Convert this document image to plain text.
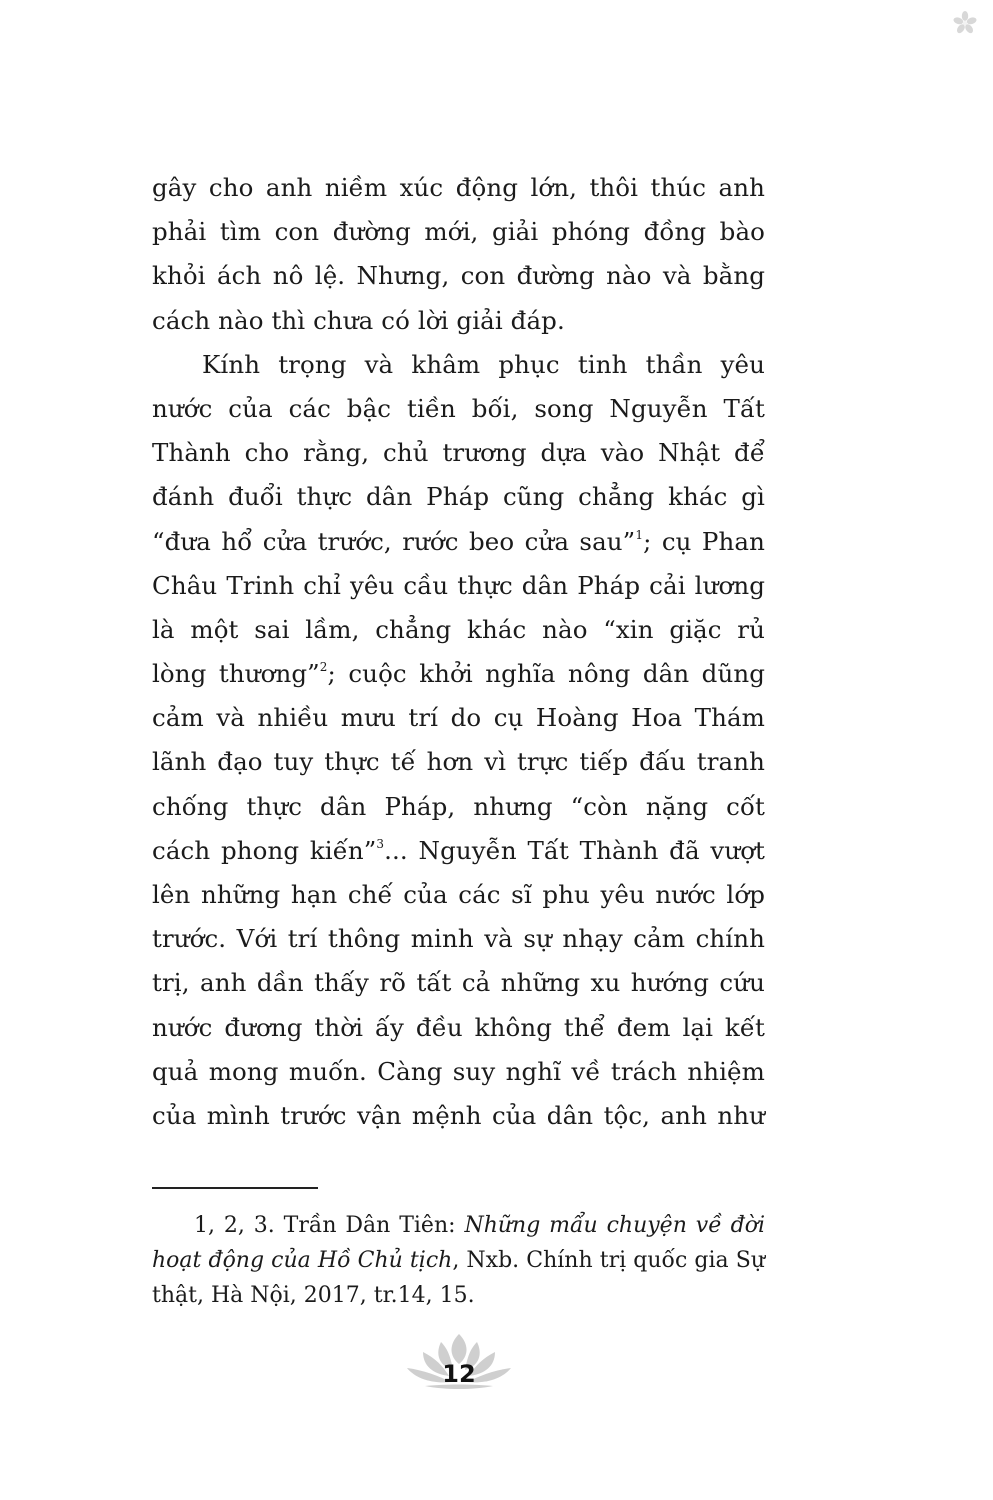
gây cho anh niềm xúc động lớn, thôi thúc anh
phải tìm con đường mới, giải phóng đồng bào
khỏi ách nô lệ. Nhưng, con đường nào và bằng
cách nào thì chưa có lời giải đáp.
Kính trọng và khâm phục tinh thần yêu
nước của các bậc tiền bối, song Nguyễn Tất
Thành cho rằng, chủ trương dựa vào Nhật để
đánh đuổi thực dân Pháp cũng chẳng khác gì
“đưa hổ cửa trước, rước beo cửa sau”$^1$; cụ Phan
Châu Trinh chỉ yêu cầu thực dân Pháp cải lương
là một sai lầm, chẳng khác nào “xin giặc rủ
lòng thương”$^2$; cuộc khởi nghĩa nông dân dũng
cảm và nhiều mưu trí do cụ Hoàng Hoa Thám
lãnh đạo tuy thực tế hơn vì trực tiếp đấu tranh
chống thực dân Pháp, nhưng “còn nặng cốt
cách phong kiến”$^3$... Nguyễn Tất Thành đã vượt
lên những hạn chế của các sĩ phu yêu nước lớp
trước. Với trí thông minh và sự nhạy cảm chính
trị, anh dần thấy rõ tất cả những xu hướng cứu
nước đương thời ấy đều không thể đem lại kết
quả mong muốn. Càng suy nghĩ về trách nhiệm
của mình trước vận mệnh của dân tộc, anh như
1, 2, 3. Trần Dân Tiên: Những mẩu chuyện về đời
hoạt động của Hồ Chủ tịch, Nxb. Chính trị quốc gia Sự
thật, Hà Nội, 2017, tr.14, 15.
12
